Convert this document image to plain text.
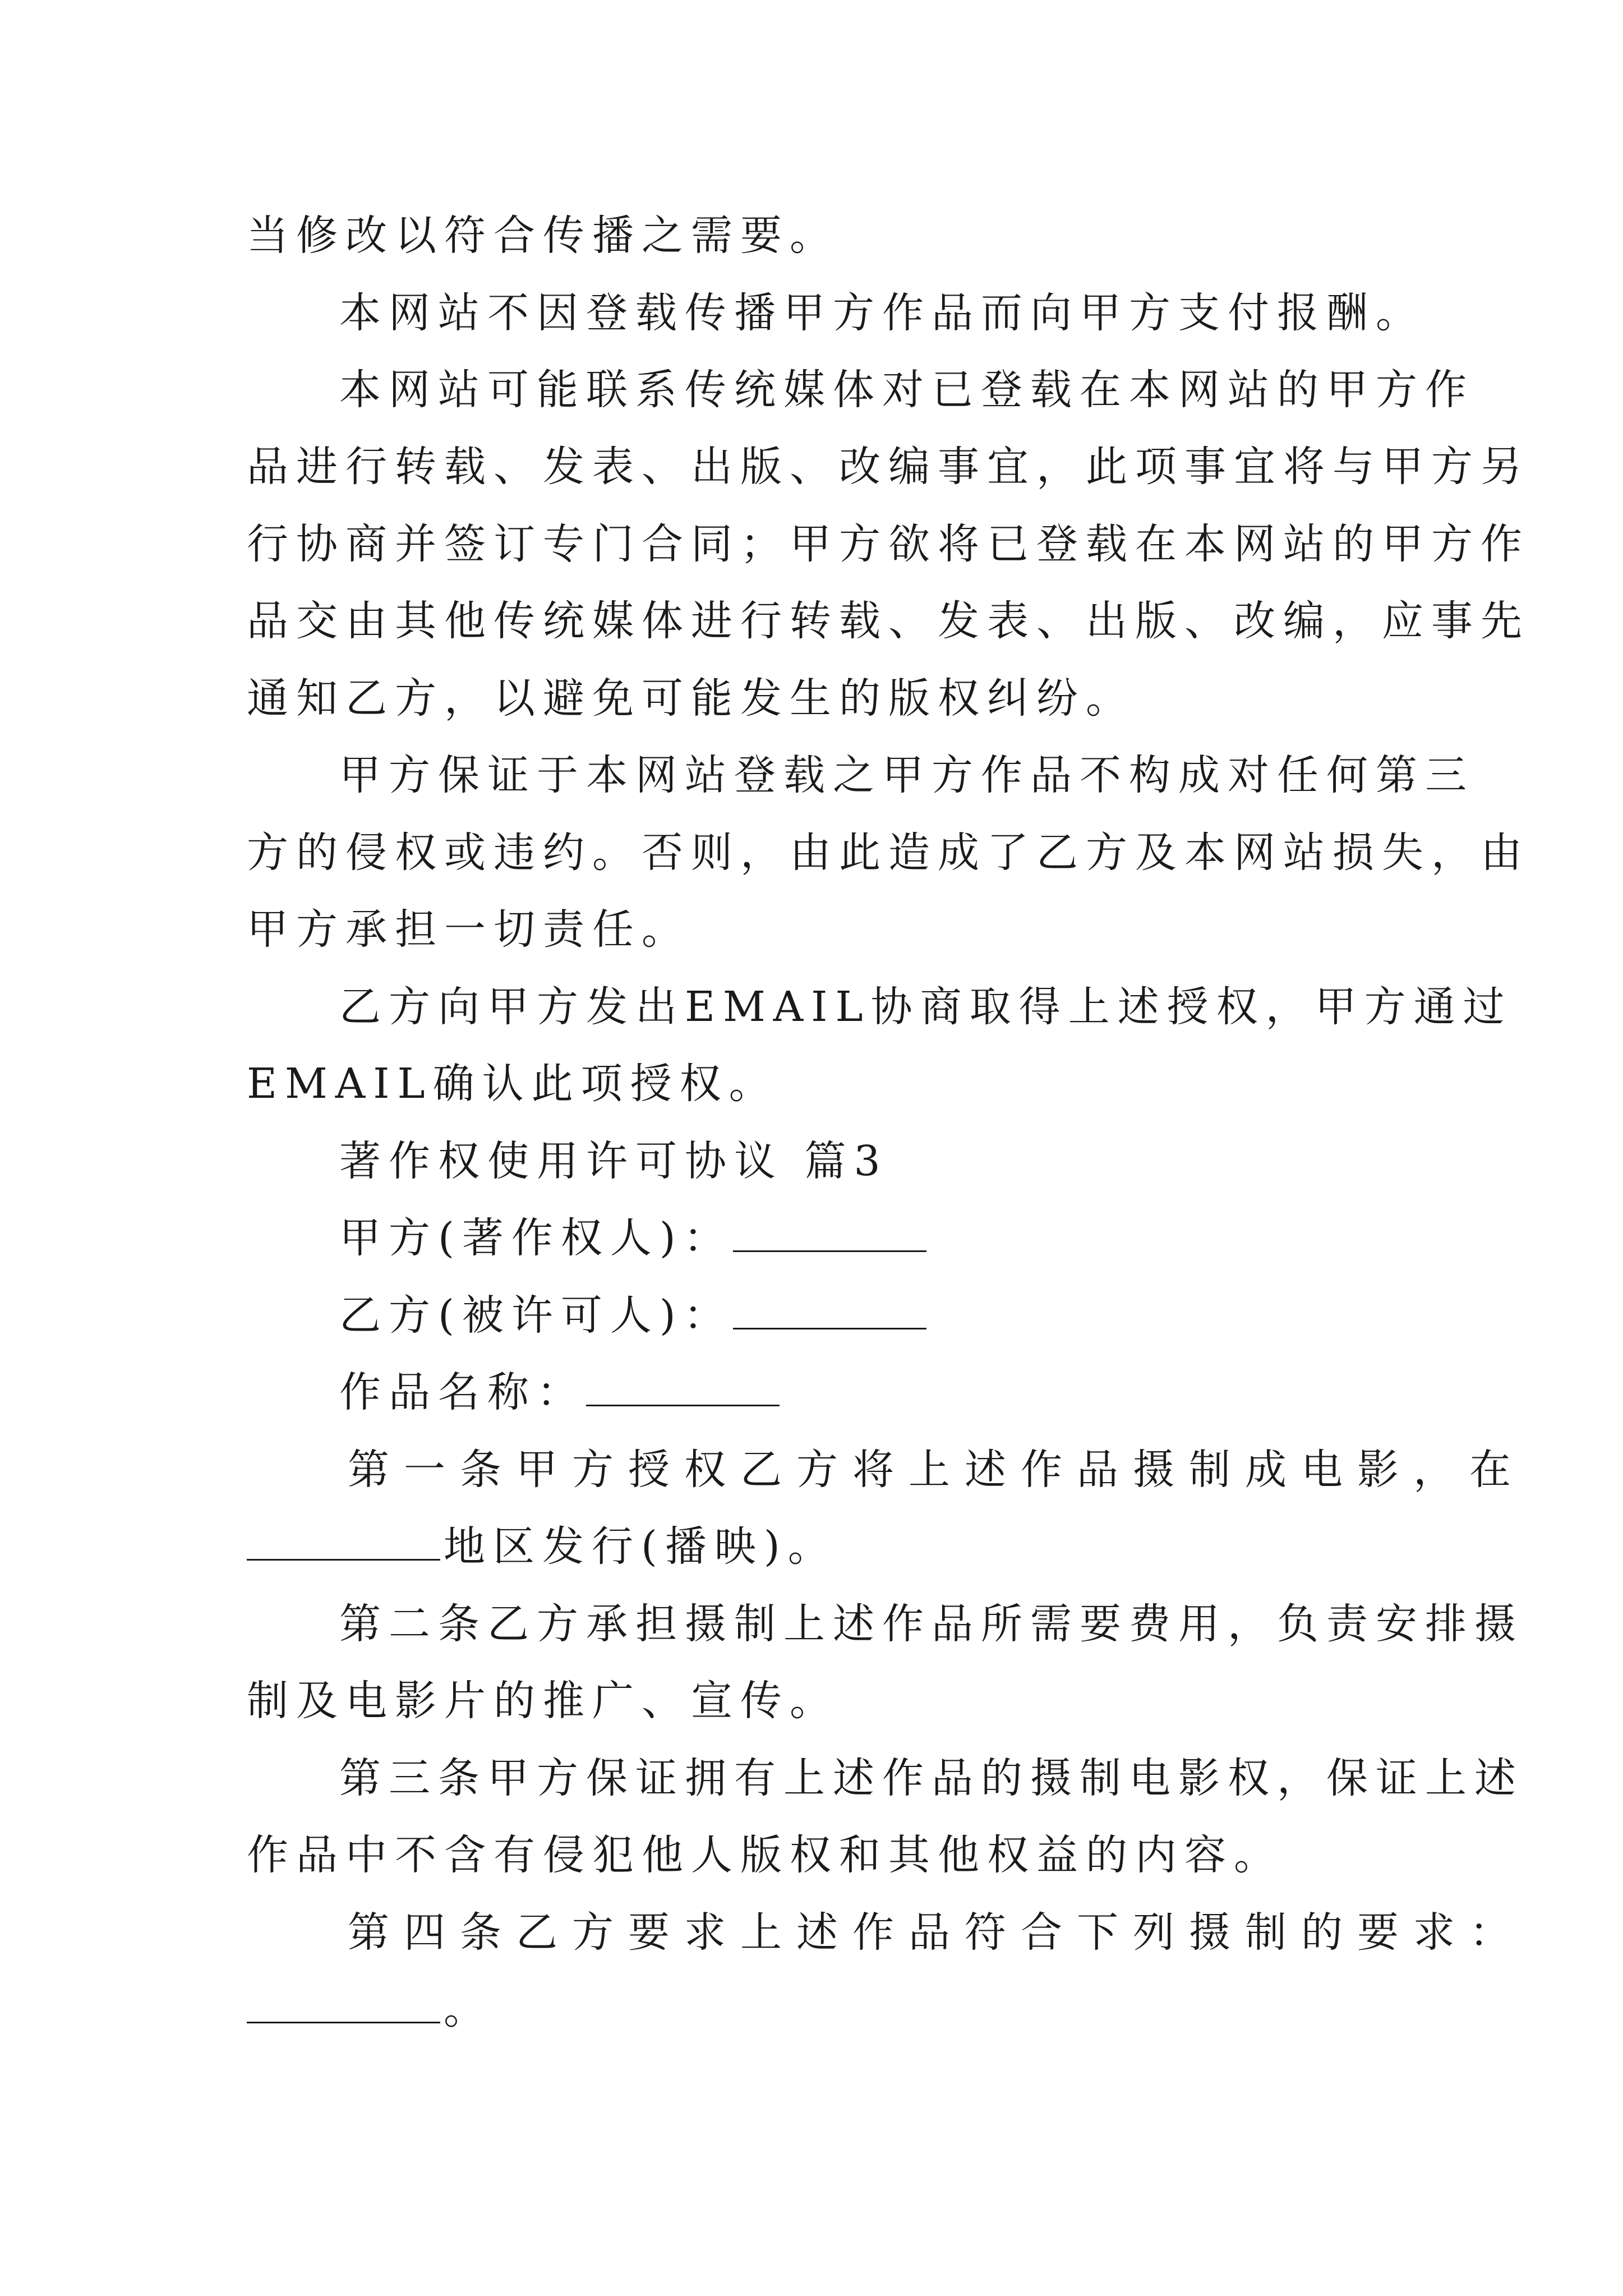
当修改以符合传播之需要。
本网站不因登载传播甲方作品而向甲方支付报酬。
本网站可能联系传统媒体对已登载在本网站的甲方作
品进行转载、发表、出版、改编事宜，此项事宜将与甲方另
行协商并签订专门合同；甲方欲将已登载在本网站的甲方作
品交由其他传统媒体进行转载、发表、出版、改编，应事先
通知乙方，以避免可能发生的版权纠纷。
甲方保证于本网站登载之甲方作品不构成对任何第三
方的侵权或违约。否则，由此造成了乙方及本网站损失，由
甲方承担一切责任。
乙方向甲方发出EMAIL协商取得上述授权，甲方通过
EMAIL确认此项授权。
著作权使用许可协议 篇3
甲方(著作权人)：
乙方(被许可人)：
作品名称：
第一条甲方授权乙方将上述作品摄制成电影，在
地区发行(播映)。
第二条乙方承担摄制上述作品所需要费用，负责安排摄
制及电影片的推广、宣传。
第三条甲方保证拥有上述作品的摄制电影权，保证上述
作品中不含有侵犯他人版权和其他权益的内容。
第四条乙方要求上述作品符合下列摄制的要求：
。
